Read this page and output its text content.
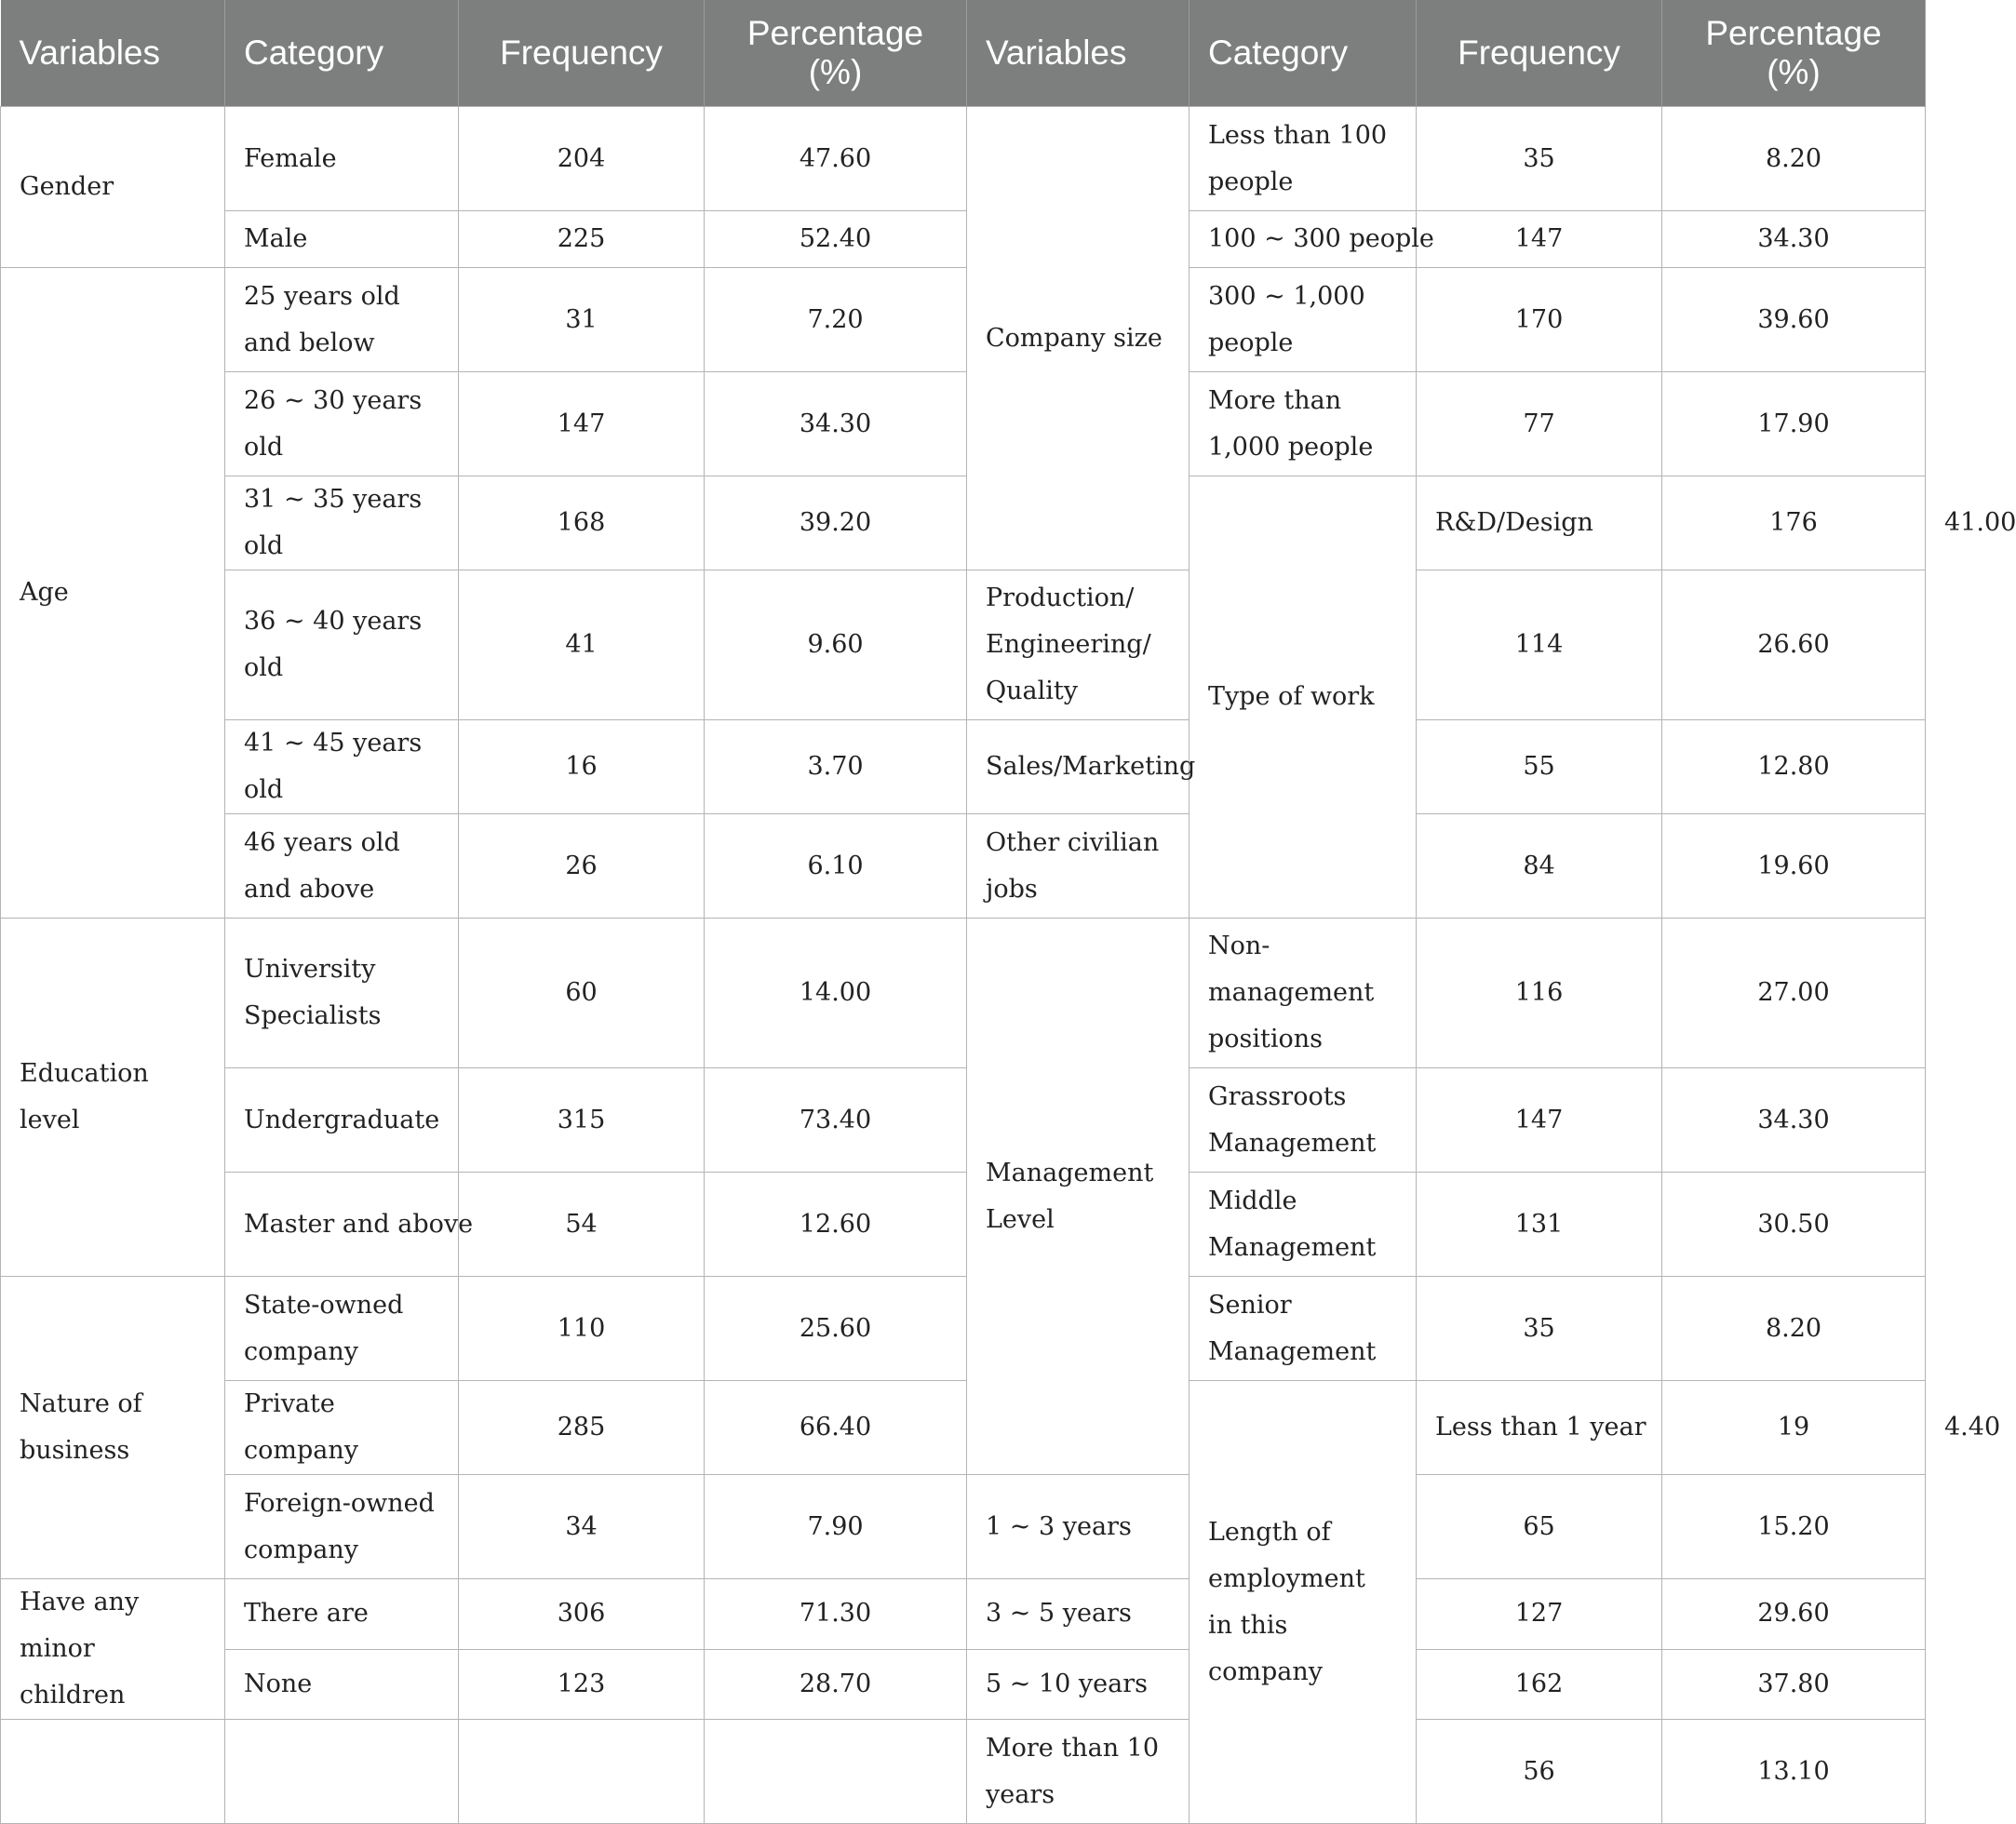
Variables	Category	Frequency	Percentage (%)	Variables	Category	Frequency	Percentage (%)	
Gender	Female	204	47.60	Company size	Less than 100 people	35	8.20	
	Male	225	52.40		100 ~ 300 people	147	34.30	
Age	25 years old and below	31	7.20		300 ~ 1,000 people	170	39.60	
	26 ~ 30 years old	147	34.30		More than 1,000 people	77	17.90	
	31 ~ 35 years old	168	39.20		Type of work	R&D/Design	176	41.00
	36 ~ 40 years old	41	9.60	Production/ Engineering/ Quality		114	26.60	
	41 ~ 45 years old	16	3.70	Sales/Marketing		55	12.80	
	46 years old and above	26	6.10	Other civilian jobs		84	19.60	
Education level	University Specialists	60	14.00	Management Level	Non-management positions	116	27.00	
	Undergraduate	315	73.40		Grassroots Management	147	34.30	
	Master and above	54	12.60		Middle Management	131	30.50	
Nature of business	State-owned company	110	25.60		Senior Management	35	8.20	
	Private company	285	66.40		Length of employment in this company	Less than 1 year	19	4.40
	Foreign-owned company	34	7.90	1 ~ 3 years		65	15.20	
Have any minor children	There are	306	71.30	3 ~ 5 years		127	29.60	
	None	123	28.70	5 ~ 10 years		162	37.80	
				More than 10 years		56	13.10	
